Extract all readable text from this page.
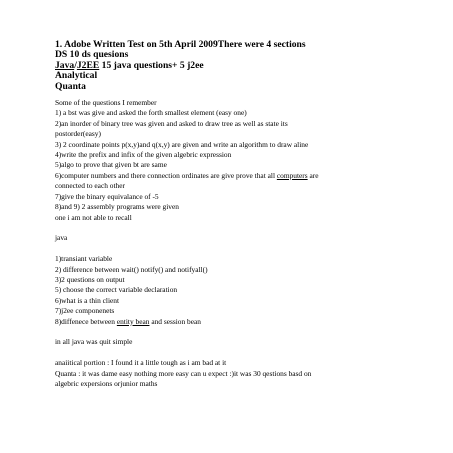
1. Adobe Written Test on 5th April 2009There were 4 sections
DS 10 ds quesions
Java/J2EE 15 java questions+ 5 j2ee
Analytical
Quanta
Some of the questions I remember
1) a bst was give and asked the forth smallest element (easy one)
2)an inorder of binary tree was given and asked to draw tree as well as state its
postorder(easy)
3) 2 coordinate points p(x,y)and q(x,y) are given and write an algorithm to draw aline
4)write the prefix and infix of the given algebric expression
5)algo to prove that given bt are same
6)computer numbers and there connection ordinates are give prove that all computers are
connected to each other
7)give the binary equivalance of -5
8)and 9) 2 assembly programs were given
one i am not able to recall
java
1)transiant variable
2) difference between wait() notify() and notifyall()
3)2 questions on output
5) choose the correct variable declaration
6)what is a thin client
7)j2ee componenets
8)diffenece between entity bean and session bean
in all java was quit simple
anaiitical portion : I found it a little tough as i am bad at it
Quanta : it was dame easy nothing more easy can u expect :)it was 30 qestions basd on
algebric expersions orjunior maths
